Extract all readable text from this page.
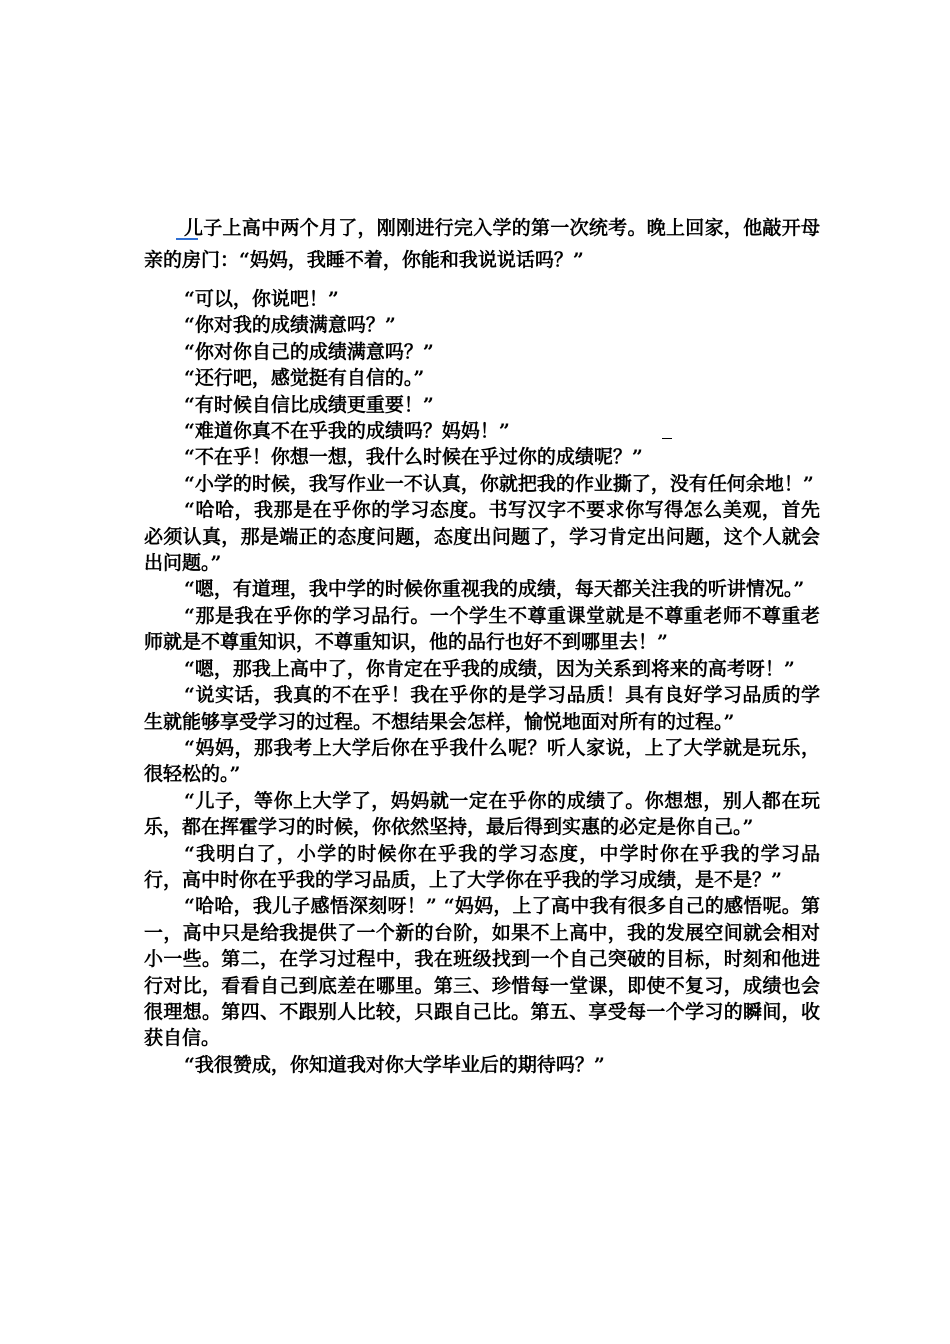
儿子上高中两个月了，刚刚进行完入学的第一次统考。晚上回家，他敲开母亲的房门：“妈妈，我睡不着，你能和我说说话吗？”

“可以，你说吧！”

“你对我的成绩满意吗？”

“你对你自己的成绩满意吗？”

“还行吧，感觉挺有自信的。”

“有时候自信比成绩更重要！”

“难道你真不在乎我的成绩吗？妈妈！”

“不在乎！你想一想，我什么时候在乎过你的成绩呢？”

“小学的时候，我写作业一不认真，你就把我的作业撕了，没有任何余地！”

“哈哈，我那是在乎你的学习态度。书写汉字不要求你写得怎么美观，首先必须认真，那是端正的态度问题，态度出问题了，学习肯定出问题，这个人就会出问题。”

“嗯，有道理，我中学的时候你重视我的成绩，每天都关注我的听讲情况。”

“那是我在乎你的学习品行。一个学生不尊重课堂就是不尊重老师不尊重老师就是不尊重知识，不尊重知识，他的品行也好不到哪里去！”

“嗯，那我上高中了，你肯定在乎我的成绩，因为关系到将来的高考呀！”

“说实话，我真的不在乎！我在乎你的是学习品质！具有良好学习品质的学生就能够享受学习的过程。不想结果会怎样，愉悦地面对所有的过程。”

“妈妈，那我考上大学后你在乎我什么呢？听人家说，上了大学就是玩乐，很轻松的。”

“儿子，等你上大学了，妈妈就一定在乎你的成绩了。你想想，别人都在玩乐，都在挥霍学习的时候，你依然坚持，最后得到实惠的必定是你自己。”

“我明白了，小学的时候你在乎我的学习态度，中学时你在乎我的学习品行，高中时你在乎我的学习品质，上了大学你在乎我的学习成绩，是不是？”

“哈哈，我儿子感悟深刻呀！” “妈妈，上了高中我有很多自己的感悟呢。第一，高中只是给我提供了一个新的台阶，如果不上高中，我的发展空间就会相对小一些。第二，在学习过程中，我在班级找到一个自己突破的目标，时刻和他进行对比，看看自己到底差在哪里。第三、珍惜每一堂课，即使不复习，成绩也会很理想。第四、不跟别人比较，只跟自己比。第五、享受每一个学习的瞬间，收获自信。

“我很赞成，你知道我对你大学毕业后的期待吗？”
